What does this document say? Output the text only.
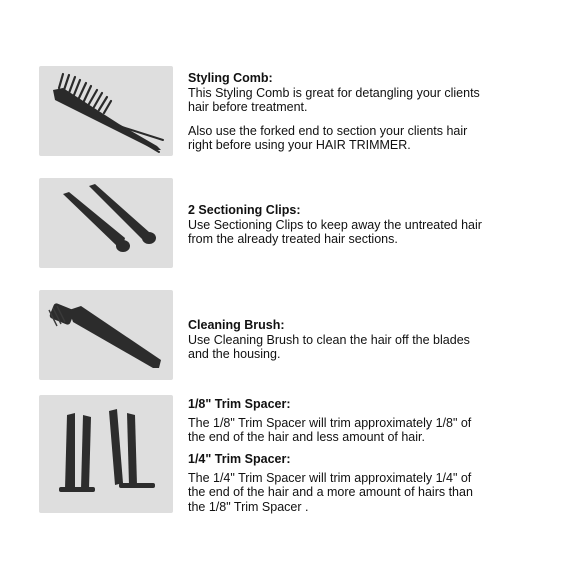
Styling Comb:

This Styling Comb is great for detangling your clients

hair before treatment.

Also use the forked end to section your clients hair

right before using your HAIR TRIMMER.

2 Sectioning Clips:

Use Sectioning Clips to keep away the untreated hair

from the already treated hair sections.

Cleaning Brush:

Use Cleaning Brush to clean the hair off the blades

and the housing.

1/8" Trim Spacer:

The 1/8" Trim Spacer will trim approximately 1/8" of

the end of the hair and less amount of hair.

1/4" Trim Spacer:

The 1/4" Trim Spacer will trim approximately 1/4" of

the end of the hair and a more amount of hairs than

the 1/8" Trim Spacer .
